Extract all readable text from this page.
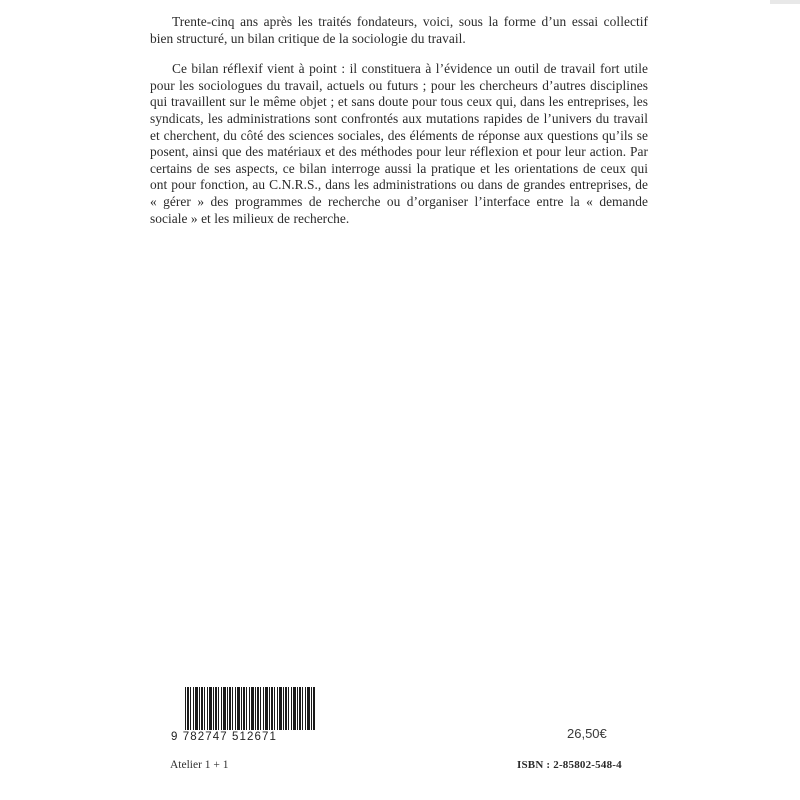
Trente-cinq ans après les traités fondateurs, voici, sous la forme d’un essai collectif bien structuré, un bilan critique de la sociologie du travail.

Ce bilan réflexif vient à point : il constituera à l’évidence un outil de travail fort utile pour les sociologues du travail, actuels ou futurs ; pour les chercheurs d’autres disciplines qui travaillent sur le même objet ; et sans doute pour tous ceux qui, dans les entreprises, les syndicats, les administrations sont confrontés aux mutations rapides de l’univers du travail et cherchent, du côté des sciences sociales, des éléments de réponse aux questions qu’ils se posent, ainsi que des matériaux et des méthodes pour leur réflexion et pour leur action. Par certains de ses aspects, ce bilan interroge aussi la pratique et les orientations de ceux qui ont pour fonction, au C.N.R.S., dans les administrations ou dans de grandes entreprises, de « gérer » des programmes de recherche ou d’organiser l’interface entre la « demande sociale » et les milieux de recherche.

9 782747 512671	26,50€
Atelier 1 + 1	ISBN : 2-85802-548-4
